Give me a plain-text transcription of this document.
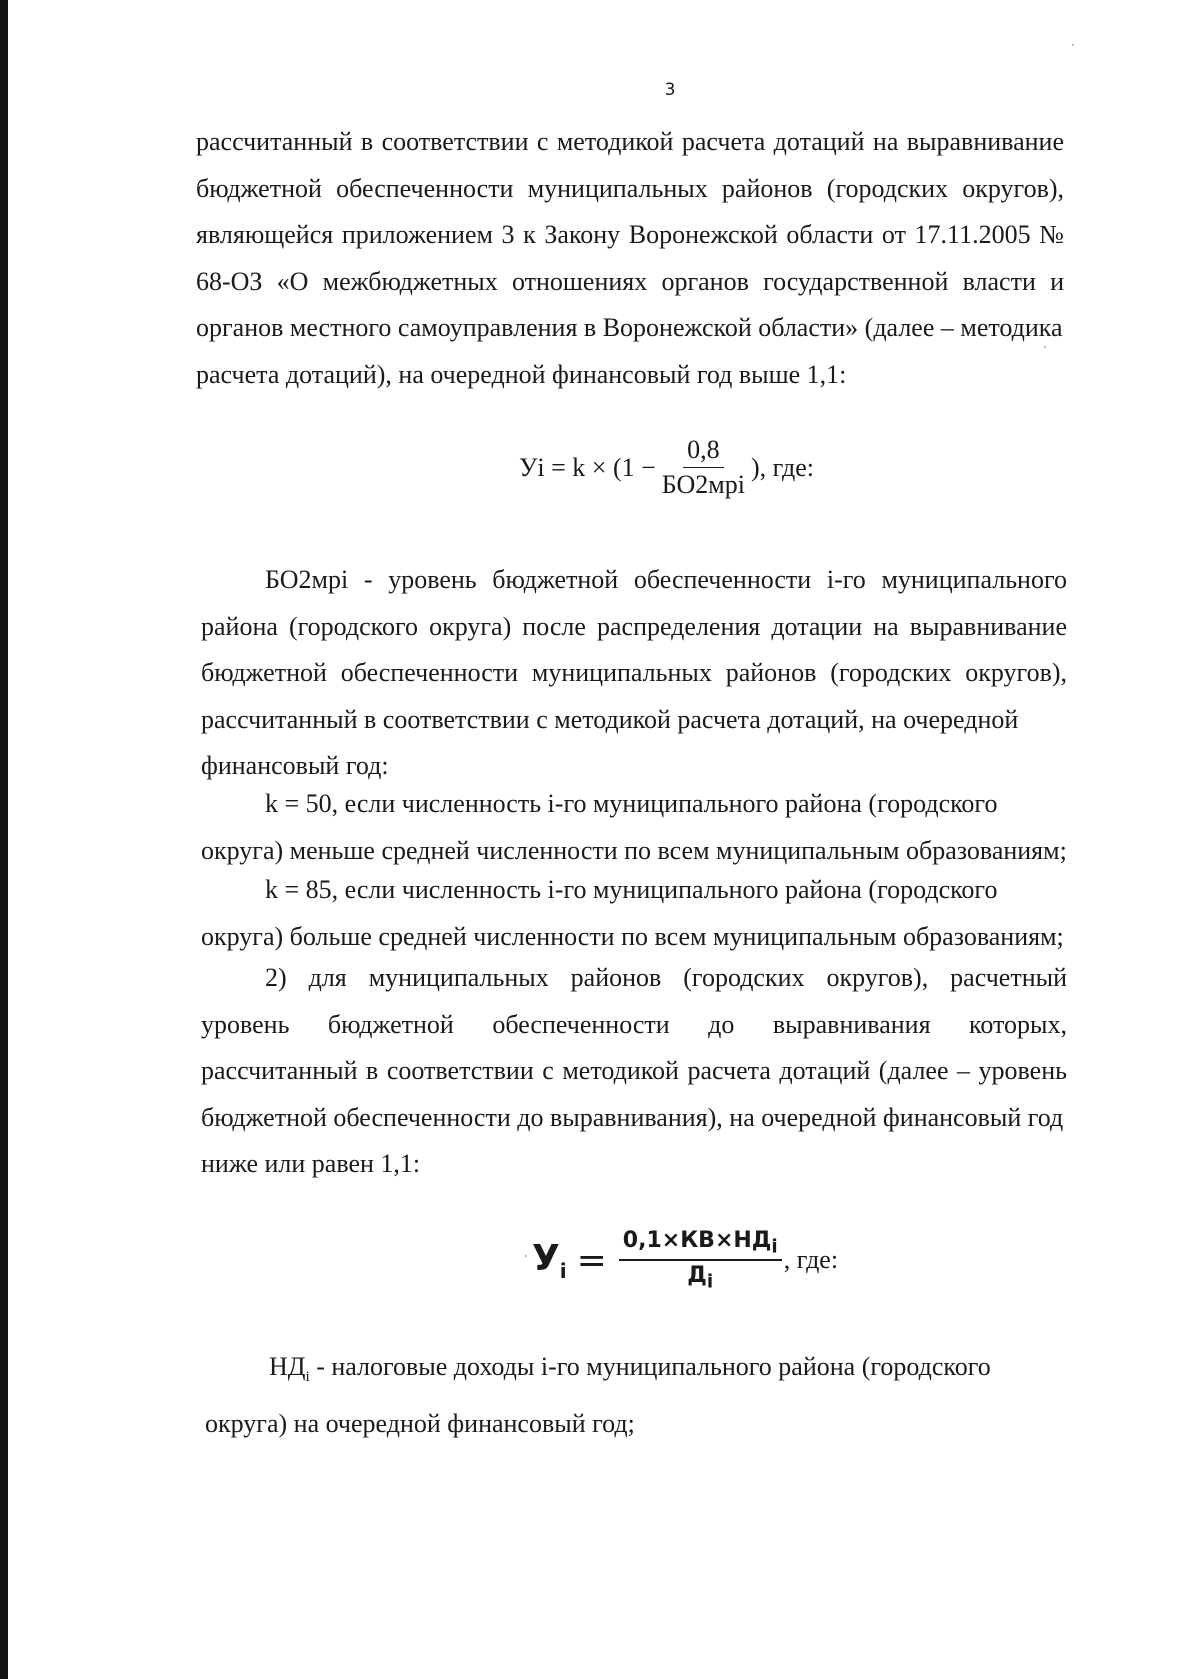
3

рассчитанный в соответствии с методикой расчета дотаций на выравнивание бюджетной обеспеченности муниципальных районов (городских округов), являющейся приложением 3 к Закону Воронежской области от 17.11.2005 № 68-ОЗ «О межбюджетных отношениях органов государственной власти и органов местного самоуправления в Воронежской области» (далее – методика
расчета дотаций), на очередной финансовый год выше 1,1:

Уi = $k \times (1 - \frac{0,8}{\text{БО2мрi}}$ ), где:

БО2мрi - уровень бюджетной обеспеченности i-го муниципального района (городского округа) после распределения дотации на выравнивание бюджетной обеспеченности муниципальных районов (городских округов), рассчитанный в соответствии с методикой расчета дотаций, на очередной
финансовый год:

k = 50, если численность i-го муниципального района (городского
округа) меньше средней численности по всем муниципальным образованиям;

k = 85, если численность i-го муниципального района (городского
округа) больше средней численности по всем муниципальным образованиям;

2) для муниципальных районов (городских округов), расчетный уровень бюджетной обеспеченности до выравнивания которых, рассчитанный в соответствии с методикой расчета дотаций (далее – уровень бюджетной обеспеченности до выравнивания), на очередной финансовый год
ниже или равен 1,1:

$У_i = \frac{0,1\times КВ\times НД_i}{Д_i}$ , где:

$НД_i$ - налоговые доходы i-го муниципального района (городского
округа) на очередной финансовый год;
